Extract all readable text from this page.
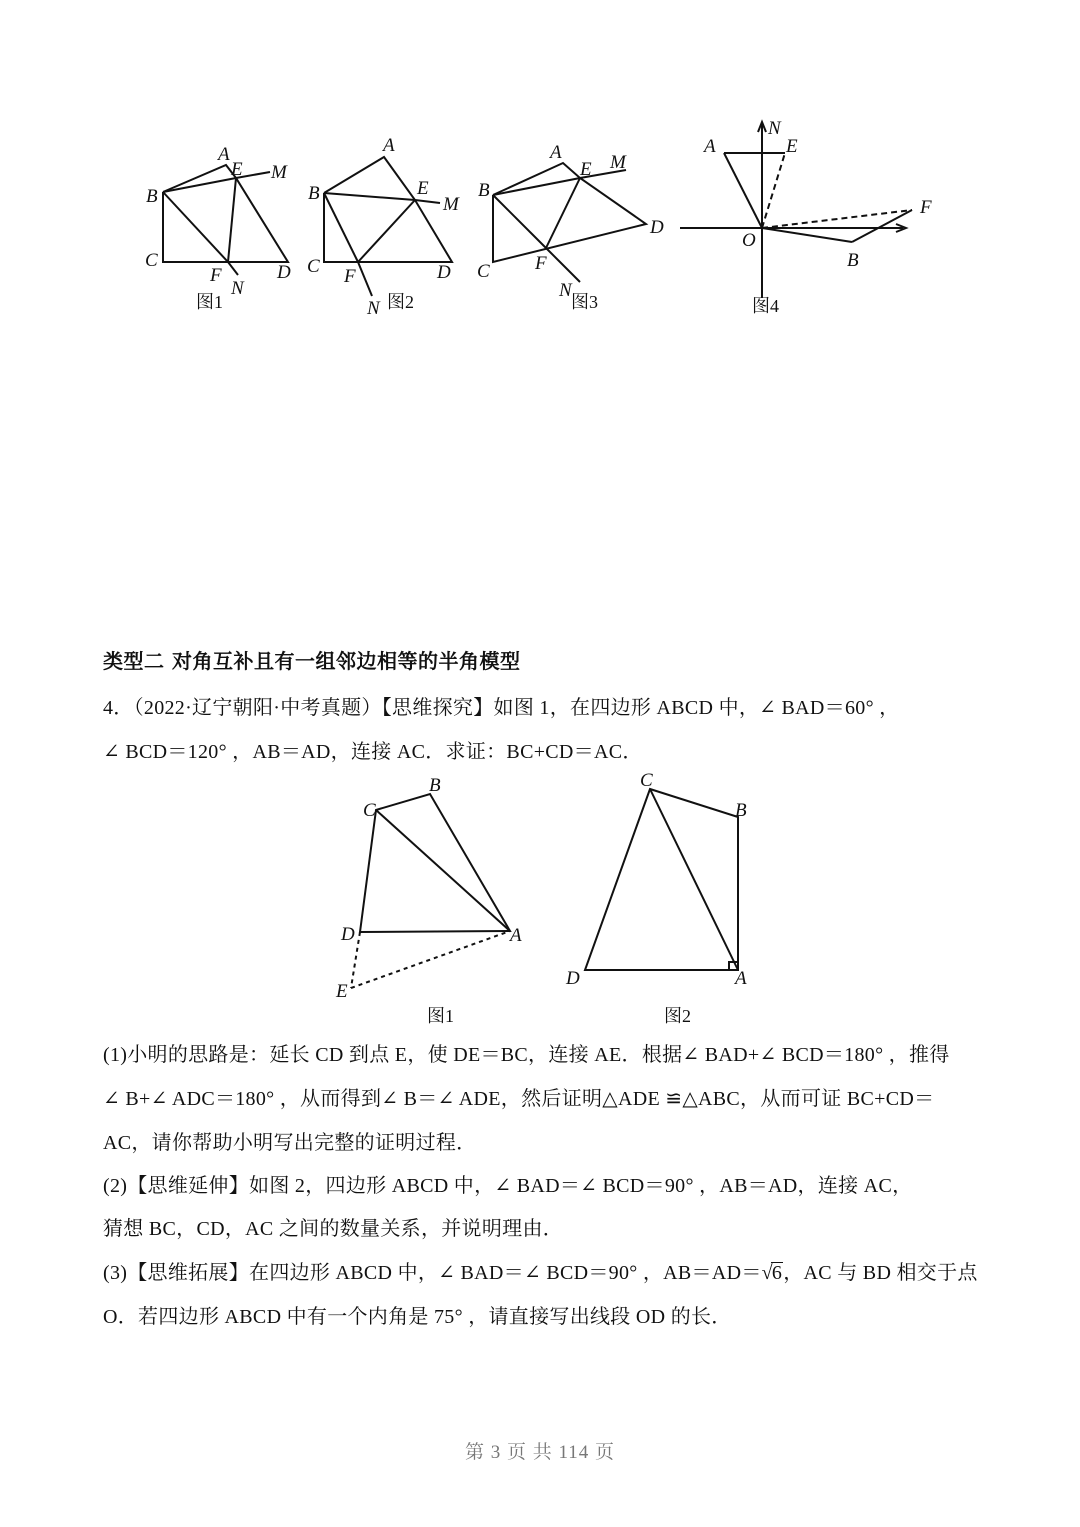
A
B
C
D
E
F
M
N
图1
A
B
C	D
E
F
M
N 图2
A
B
C
D
E
F
M
N
图3
A
B
E
F
N
O
图4
类型二 对角互补且有一组邻边相等的半角模型
4．（2022·辽宁朝阳·中考真题）【思维探究】如图 1，在四边形 ABCD 中，∠ BAD＝60° ，
∠ BCD＝120° ，AB＝AD，连接 AC．求证：BC+CD＝AC．
B
C
D	A
E
图1
C
B
D	A
图2
(1)小明的思路是：延长 CD 到点 E，使 DE＝BC，连接 AE．根据∠ BAD+∠ BCD＝180° ，推得
∠ B+∠ ADC＝180° ，从而得到∠ B＝∠ ADE，然后证明△ADE ≌△ABC，从而可证 BC+CD＝
AC，请你帮助小明写出完整的证明过程．
(2)【思维延伸】如图 2，四边形 ABCD 中，∠ BAD＝∠ BCD＝90° ，AB＝AD，连接 AC，
猜想 BC，CD，AC 之间的数量关系，并说明理由．
(3)【思维拓展】在四边形 ABCD 中，∠ BAD＝∠ BCD＝90° ，AB＝AD＝√6，AC 与 BD 相交于点
O．若四边形 ABCD 中有一个内角是 75° ，请直接写出线段 OD 的长．
第 3 页 共 114 页
